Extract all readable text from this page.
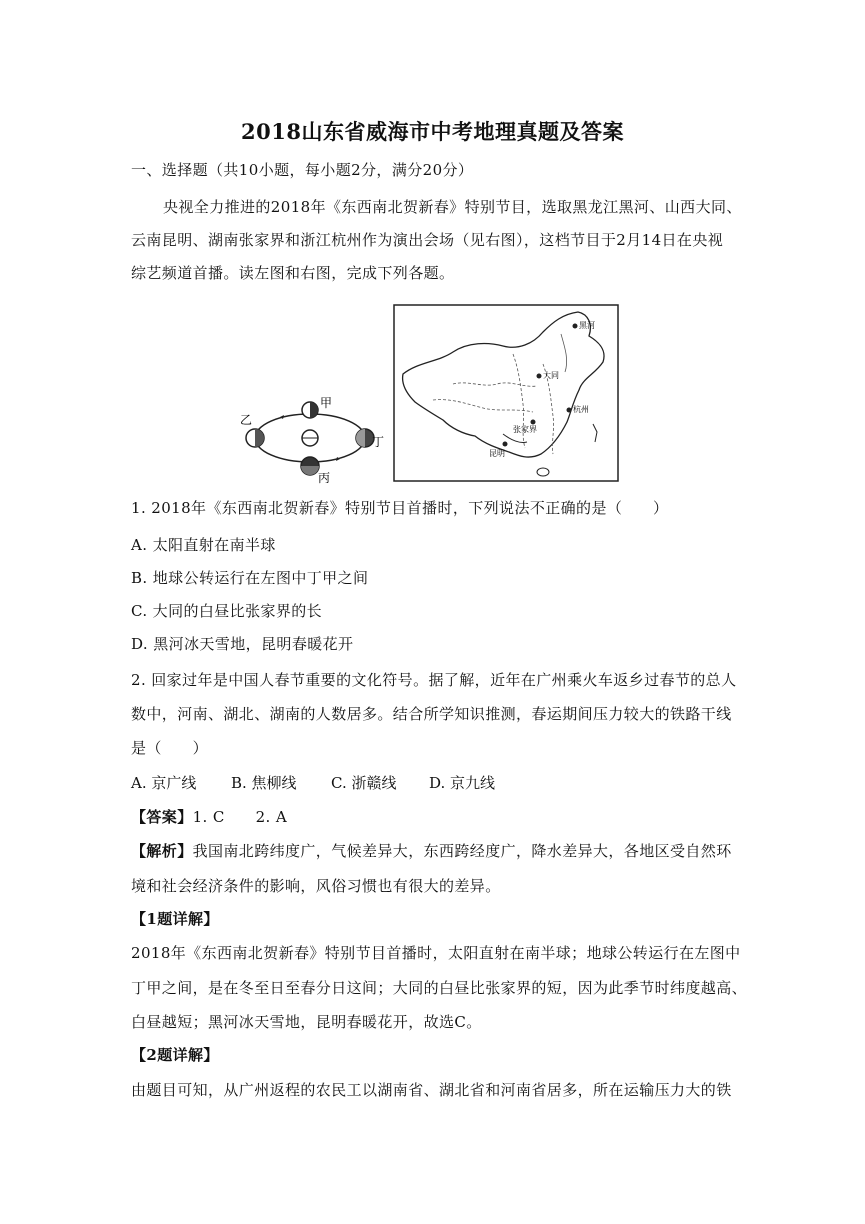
2018山东省威海市中考地理真题及答案
一、选择题（共10小题，每小题2分，满分20分）
央视全力推进的2018年《东西南北贺新春》特别节目，选取黑龙江黑河、山西大同、
云南昆明、湖南张家界和浙江杭州作为演出会场（见右图），这档节目于2月14日在央视
综艺频道首播。读左图和右图，完成下列各题。
甲
乙
丁
丙
黑河
大同
张家界
杭州
昆明
1. 2018年《东西南北贺新春》特别节目首播时，下列说法不正确的是（　　）
A. 太阳直射在南半球
B. 地球公转运行在左图中丁甲之间
C. 大同的白昼比张家界的长
D. 黑河冰天雪地，昆明春暖花开
2. 回家过年是中国人春节重要的文化符号。据了解，近年在广州乘火车返乡过春节的总人
数中，河南、湖北、湖南的人数居多。结合所学知识推测，春运期间压力较大的铁路干线
是（　　）
A. 京广线 B. 焦柳线 C. 浙赣线 D. 京九线
【答案】1. C　　2. A
【解析】我国南北跨纬度广，气候差异大，东西跨经度广，降水差异大，各地区受自然环
境和社会经济条件的影响，风俗习惯也有很大的差异。
【1题详解】
2018年《东西南北贺新春》特别节目首播时，太阳直射在南半球；地球公转运行在左图中
丁甲之间，是在冬至日至春分日这间；大同的白昼比张家界的短，因为此季节时纬度越高、
白昼越短；黑河冰天雪地，昆明春暖花开，故选C。
【2题详解】
由题目可知，从广州返程的农民工以湖南省、湖北省和河南省居多，所在运输压力大的铁
